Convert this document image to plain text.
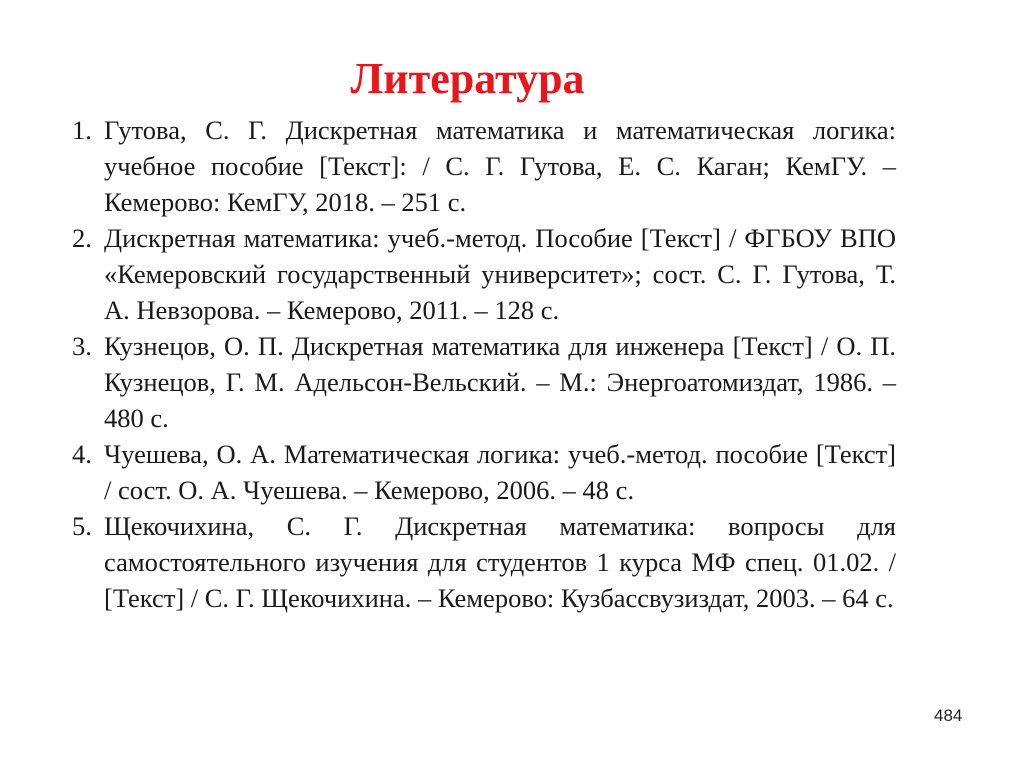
Литература
1. Гутова, С. Г. Дискретная математика и математическая логика: учебное пособие [Текст]: / С. Г. Гутова, Е. С. Каган; КемГУ. – Кемерово: КемГУ, 2018. – 251 с.
2. Дискретная математика: учеб.-метод. Пособие [Текст] / ФГБОУ ВПО «Кемеровский государственный университет»; сост. С. Г. Гутова, Т. А. Невзорова. – Кемерово, 2011. – 128 с.
3. Кузнецов, О. П. Дискретная математика для инженера [Текст] / О. П. Кузнецов, Г. М. Адельсон-Вельский. – М.: Энергоатомиздат, 1986. – 480 с.
4. Чуешева, О. А. Математическая логика: учеб.-метод. пособие [Текст] / сост. О. А. Чуешева. – Кемерово, 2006. – 48 с.
5. Щекочихина, С. Г. Дискретная математика: вопросы для самостоятельного изучения для студентов 1 курса МФ спец. 01.02. / [Текст] / С. Г. Щекочихина. – Кемерово: Кузбассвузиздат, 2003. – 64 с.
484
